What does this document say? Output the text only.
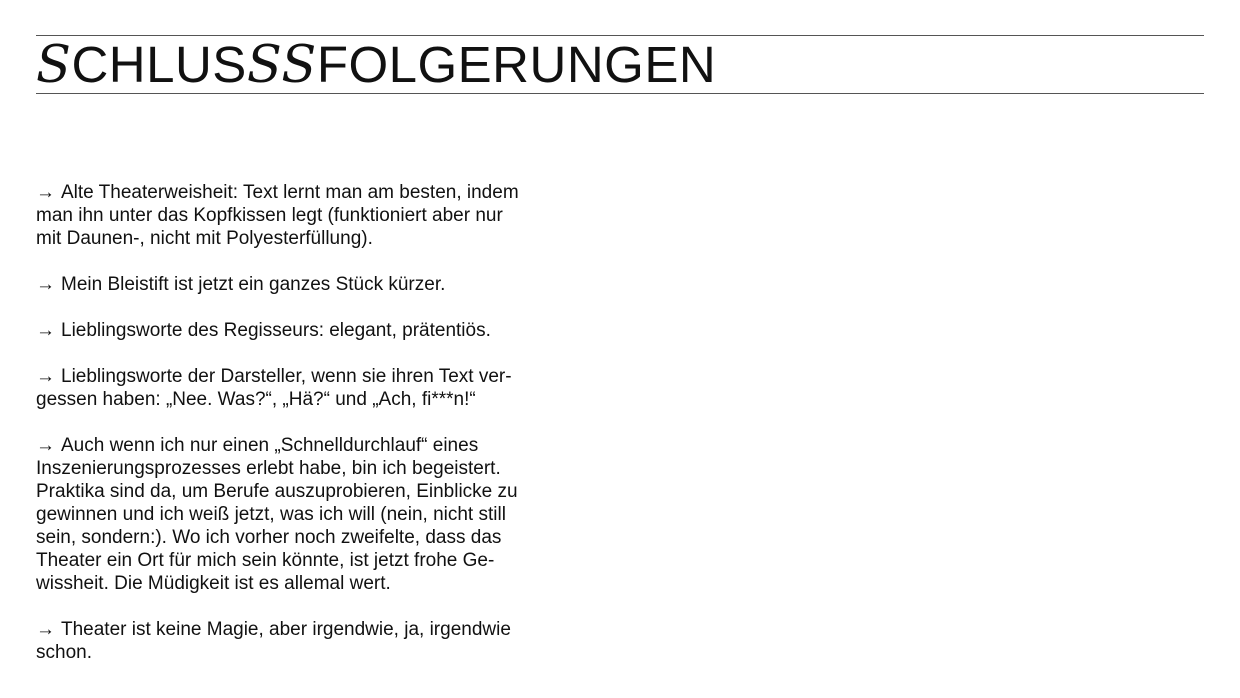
SCHLUSSSFOLGERUNGEN

→ Alte Theaterweisheit: Text lernt man am besten, indem
man ihn unter das Kopfkissen legt (funktioniert aber nur
mit Daunen-, nicht mit Polyesterfüllung).

→ Mein Bleistift ist jetzt ein ganzes Stück kürzer.

→ Lieblingsworte des Regisseurs: elegant, prätentiös.

→ Lieblingsworte der Darsteller, wenn sie ihren Text ver-
gessen haben: „Nee. Was?“, „Hä?“ und „Ach, fi***n!“

→ Auch wenn ich nur einen „Schnelldurchlauf“ eines
Inszenierungsprozesses erlebt habe, bin ich begeistert.
Praktika sind da, um Berufe auszuprobieren, Einblicke zu
gewinnen und ich weiß jetzt, was ich will (nein, nicht still
sein, sondern:). Wo ich vorher noch zweifelte, dass das
Theater ein Ort für mich sein könnte, ist jetzt frohe Ge-
wissheit. Die Müdigkeit ist es allemal wert.

→ Theater ist keine Magie, aber irgendwie, ja, irgendwie
schon.
